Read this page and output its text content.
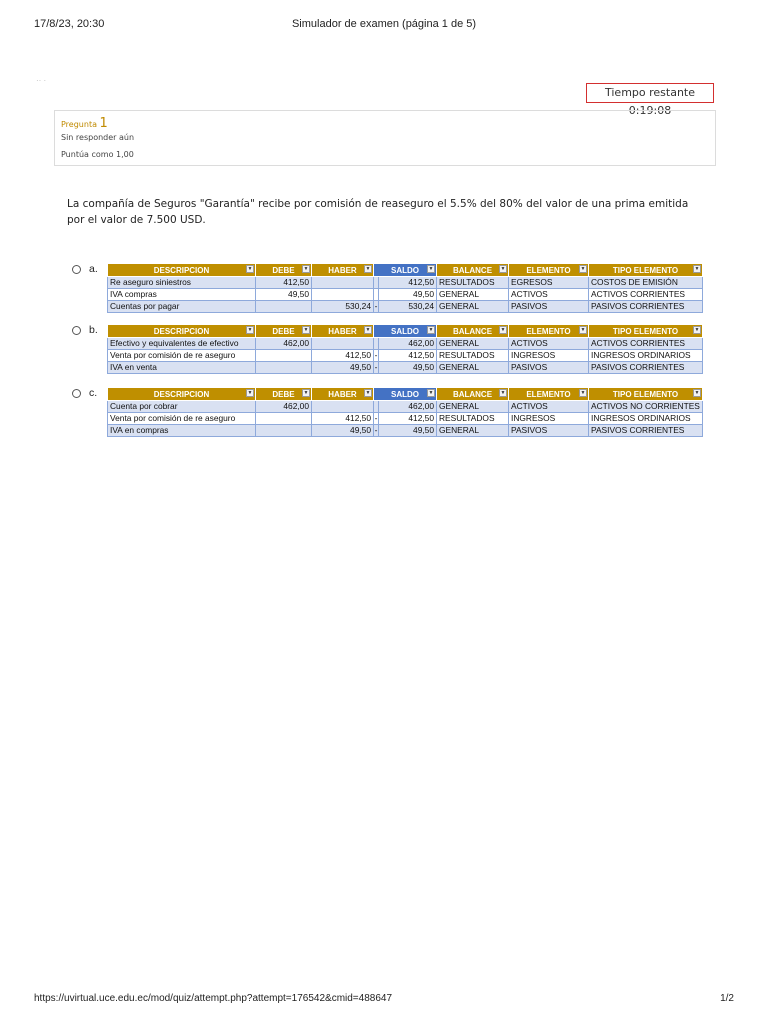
17/8/23, 20:30	Simulador de examen (página 1 de 5)
·· ·
Tiempo restante 0:19:08
Pregunta 1
Sin responder aún
Puntúa como 1,00
La compañía de Seguros "Garantía" recibe por comisión de reaseguro el 5.5% del 80% del valor de una prima emitida por el valor de 7.500 USD.
a.	DESCRIPCION ▼	DEBE ▼	HABER ▼	SALDO ▼		BALANCE ▼	ELEMENTO ▼	TIPO ELEMENTO ▼

Re aseguro siniestros	412,50			412,50	RESULTADOS	EGRESOS	COSTOS DE EMISIÓN
IVA compras	49,50			49,50	GENERAL	ACTIVOS	ACTIVOS CORRIENTES
Cuentas por pagar		530,24	-	530,24	GENERAL	PASIVOS	PASIVOS CORRIENTES
b.	DESCRIPCION ▼	DEBE ▼	HABER ▼	SALDO ▼		BALANCE ▼	ELEMENTO ▼	TIPO ELEMENTO ▼

Efectivo y equivalentes de efectivo	462,00			462,00	GENERAL	ACTIVOS	ACTIVOS CORRIENTES
Venta por comisión de re aseguro		412,50	-	412,50	RESULTADOS	INGRESOS	INGRESOS ORDINARIOS
IVA en venta		49,50	-	49,50	GENERAL	PASIVOS	PASIVOS CORRIENTES
c.	DESCRIPCION ▼	DEBE ▼	HABER ▼	SALDO ▼		BALANCE ▼	ELEMENTO ▼	TIPO ELEMENTO ▼

Cuenta por cobrar	462,00			462,00	GENERAL	ACTIVOS	ACTIVOS NO CORRIENTES
Venta por comisión de re aseguro		412,50	-	412,50	RESULTADOS	INGRESOS	INGRESOS ORDINARIOS
IVA en compras		49,50	-	49,50	GENERAL	PASIVOS	PASIVOS CORRIENTES
https://uvirtual.uce.edu.ec/mod/quiz/attempt.php?attempt=176542&cmid=488647	1/2
